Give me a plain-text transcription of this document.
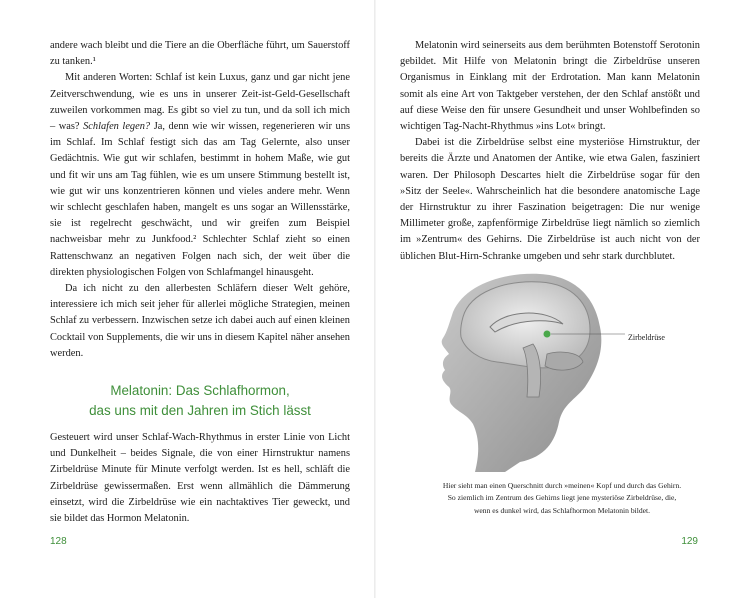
andere wach bleibt und die Tiere an die Oberfläche führt, um Sauerstoff zu tanken.¹

Mit anderen Worten: Schlaf ist kein Luxus, ganz und gar nicht jene Zeitverschwendung, wie es uns in unserer Zeit-ist-Geld-Gesellschaft zuweilen vorkommen mag. Es gibt so viel zu tun, und da soll ich mich – was? Schlafen legen? Ja, denn wie wir wissen, regenerieren wir uns im Schlaf. Im Schlaf festigt sich das am Tag Gelernte, also unser Gedächtnis. Wie gut wir schlafen, bestimmt in hohem Maße, wie gut und fit wir uns am Tag fühlen, wie es um unsere Stimmung bestellt ist, wie gut wir uns konzentrieren können und vieles andere mehr. Wenn wir schlecht geschlafen haben, mangelt es uns sogar an Willensstärke, sie ist regelrecht geschwächt, und wir greifen zum Beispiel nachweisbar mehr zu Junkfood.² Schlechter Schlaf zieht so einen Rattenschwanz an negativen Folgen nach sich, der weit über die direkten physiologischen Folgen von Schlafmangel hinausgeht.

Da ich nicht zu den allerbesten Schläfern dieser Welt gehöre, interessiere ich mich seit jeher für allerlei mögliche Strategien, meinen Schlaf zu verbessern. Inzwischen setze ich dabei auch auf einen kleinen Cocktail von Supplements, die wir uns in diesem Kapitel näher ansehen werden.

Melatonin: Das Schlafhormon,
das uns mit den Jahren im Stich lässt

Gesteuert wird unser Schlaf-Wach-Rhythmus in erster Linie von Licht und Dunkelheit – beides Signale, die von einer Hirnstruktur namens Zirbeldrüse Minute für Minute verfolgt werden. Ist es hell, schläft die Zirbeldrüse gewissermaßen. Erst wenn allmählich die Dämmerung einsetzt, wird die Zirbeldrüse wie ein nachtaktives Tier geweckt, und sie bildet das Hormon Melatonin.

128

Melatonin wird seinerseits aus dem berühmten Botenstoff Serotonin gebildet. Mit Hilfe von Melatonin bringt die Zirbeldrüse unseren Organismus in Einklang mit der Erdrotation. Man kann Melatonin somit als eine Art von Taktgeber verstehen, der den Schlaf anstößt und auf diese Weise den für unsere Gesundheit und unser Wohlbefinden so wichtigen Tag-Nacht-Rhythmus »ins Lot« bringt.

Dabei ist die Zirbeldrüse selbst eine mysteriöse Hirnstruktur, der bereits die Ärzte und Anatomen der Antike, wie etwa Galen, fasziniert waren. Der Philosoph Descartes hielt die Zirbeldrüse sogar für den »Sitz der Seele«. Wahrscheinlich hat die besondere anatomische Lage der Hirnstruktur zu ihrer Faszination beigetragen: Die nur wenige Millimeter große, zapfenförmige Zirbeldrüse liegt nämlich so ziemlich im »Zentrum« des Gehirns. Die Zirbeldrüse ist auch nicht von der üblichen Blut-Hirn-Schranke umgeben und sehr stark durchblutet.

Zirbeldrüse
Hier sieht man einen Querschnitt durch »meinen« Kopf und durch das Gehirn.
So ziemlich im Zentrum des Gehirns liegt jene mysteriöse Zirbeldrüse, die,
wenn es dunkel wird, das Schlafhormon Melatonin bildet.
129
